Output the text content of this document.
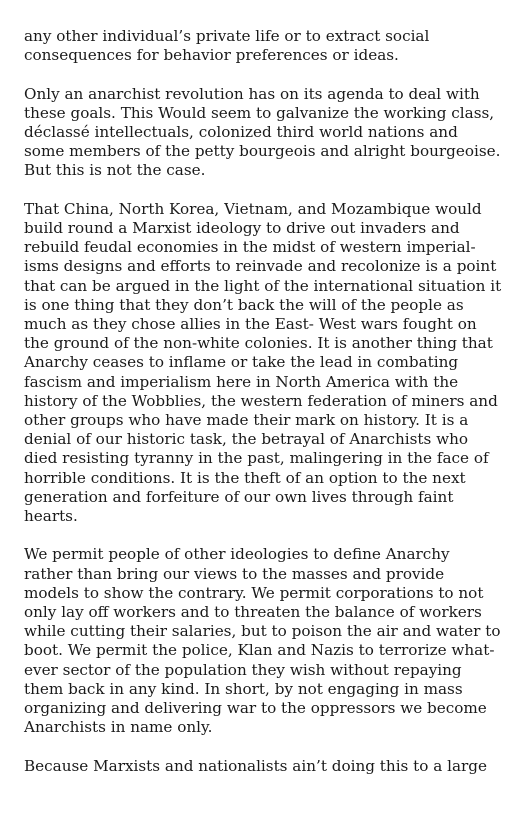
any other individual’s private life or to extract social
consequences for behavior preferences or ideas.

Only an anarchist revolution has on its agenda to deal with
these goals. This Would seem to galvanize the working class,
déclassé intellectuals, colonized third world nations and
some members of the petty bourgeois and alright bourgeoise.
But this is not the case.

That China, North Korea, Vietnam, and Mozambique would
build round a Marxist ideology to drive out invaders and
rebuild feudal economies in the midst of western imperial-
isms designs and efforts to reinvade and recolonize is a point
that can be argued in the light of the international situation it
is one thing that they don’t back the will of the people as
much as they chose allies in the East- West wars fought on
the ground of the non-white colonies. It is another thing that
Anarchy ceases to inflame or take the lead in combating
fascism and imperialism here in North America with the
history of the Wobblies, the western federation of miners and
other groups who have made their mark on history. It is a
denial of our historic task, the betrayal of Anarchists who
died resisting tyranny in the past, malingering in the face of
horrible conditions. It is the theft of an option to the next
generation and forfeiture of our own lives through faint
hearts.

We permit people of other ideologies to define Anarchy
rather than bring our views to the masses and provide
models to show the contrary. We permit corporations to not
only lay off workers and to threaten the balance of workers
while cutting their salaries, but to poison the air and water to
boot. We permit the police, Klan and Nazis to terrorize what-
ever sector of the population they wish without repaying
them back in any kind. In short, by not engaging in mass
organizing and delivering war to the oppressors we become
Anarchists in name only.

Because Marxists and nationalists ain’t doing this to a large
